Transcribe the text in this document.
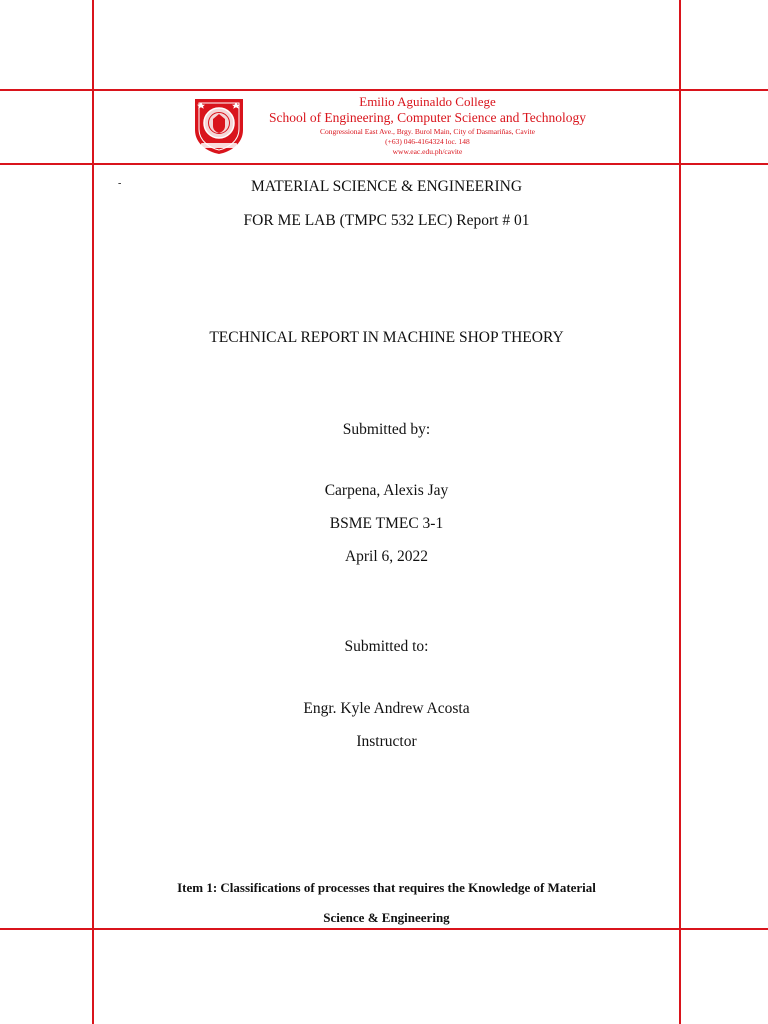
Emilio Aguinaldo College
School of Engineering, Computer Science and Technology
Congressional East Ave., Brgy. Burol Main, City of Dasmariñas, Cavite
(+63) 046-4164324 loc. 148
www.eac.edu.ph/cavite
-	MATERIAL SCIENCE & ENGINEERING
FOR ME LAB (TMPC 532 LEC) Report # 01
TECHNICAL REPORT IN MACHINE SHOP THEORY
Submitted by:
Carpena, Alexis Jay
BSME TMEC 3-1
April 6, 2022
Submitted to:
Engr. Kyle Andrew Acosta
Instructor
Item 1: Classifications of processes that requires the Knowledge of Material
Science & Engineering
